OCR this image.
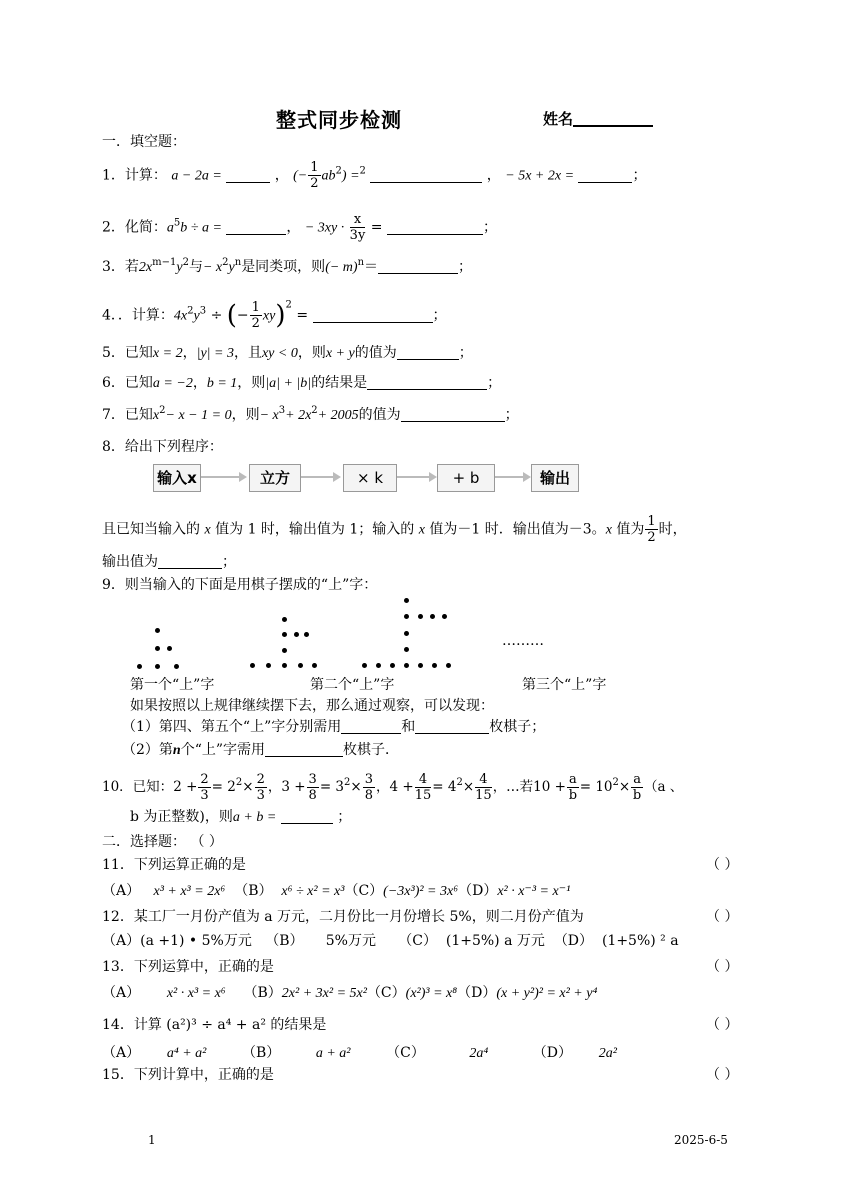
整式同步检测	姓名
一．填空题：
1．计算： a − 2a =	， (− $\frac{1}{2} ab^2) =^2$	， − 5x + 2x =	；
2．化简：$a^5b \div a$ =	， − $3xy \cdot \frac{x}{3y}$ =	；
3．若$2x^{m-1}y^2$与− $x^2y^n$是同类项，则(− m)$^n$＝	；
4．．计算：$4x^2y^3$ ÷ (− $\frac{1}{2} xy)^2$ =	；
5．已知x = 2，|y| = 3，且xy < 0，则x + y的值为	；
6．已知a = −2，b = 1，则|a| + |b|的结果是	；
7．已知$x^2- x - 1 = 0$，则− $x^3+ 2x^2+ 2005$的值为	；
8．给出下列程序：
输入x	立方	× k	+ b	输出
且已知当输入的 x 值为 1 时，输出值为 1；输入的 x 值为－1 时．输出值为－3。x 值为 $\frac{1}{2}$ 时，
输出值为	；
9．则当输入的下面是用棋子摆成的“上”字：
………
第一个“上”字	第二个“上”字	第三个“上”字
如果按照以上规律继续摆下去，那么通过观察，可以发现：
（1）第四、第五个“上”字分别需用	和	枚棋子；
（2）第n个“上”字需用	枚棋子．
10．已知：$2 + \frac{2}{3} = 2^2\times \frac{2}{3}$ ，$3 + \frac{3}{8} = 3^2\times \frac{3}{8}$ ，$4 + \frac{4}{15} = 4^2\times \frac{4}{15}$ ，…若$10 + \frac{a}{b} = 10^2\times \frac{a}{b} (a$ 、
b 为正整数)，则a + b =	；
二．选择题： （ ）
11．下列运算正确的是	（ ）
（A） x³ + x³ = 2x⁶ （B） x⁶ ÷ x² = x³（C）(−3x³)² = 3x⁶（D）x² · x⁻³ = x⁻¹
12．某工厂一月份产值为 a 万元，二月份比一月份增长 5%，则二月份产值为	（ ）
（A）(a +1) • 5%万元 （B） 5%万元 （C） (1+5%) a 万元 （D） (1+5%) ² a
13．下列运算中，正确的是	（ ）
（A） x² · x³ = x⁶ （B）2x² + 3x² = 5x²（C）(x²)³ = x⁸（D）(x + y²)² = x² + y⁴
14．计算 (a²)³ ÷ a⁴ + a² 的结果是	（ ）
（A） a⁴ + a²	（B）	a + a²	（C）	2a⁴	（D） 2a²
15．下列计算中，正确的是	（ ）
1	2025-6-5
